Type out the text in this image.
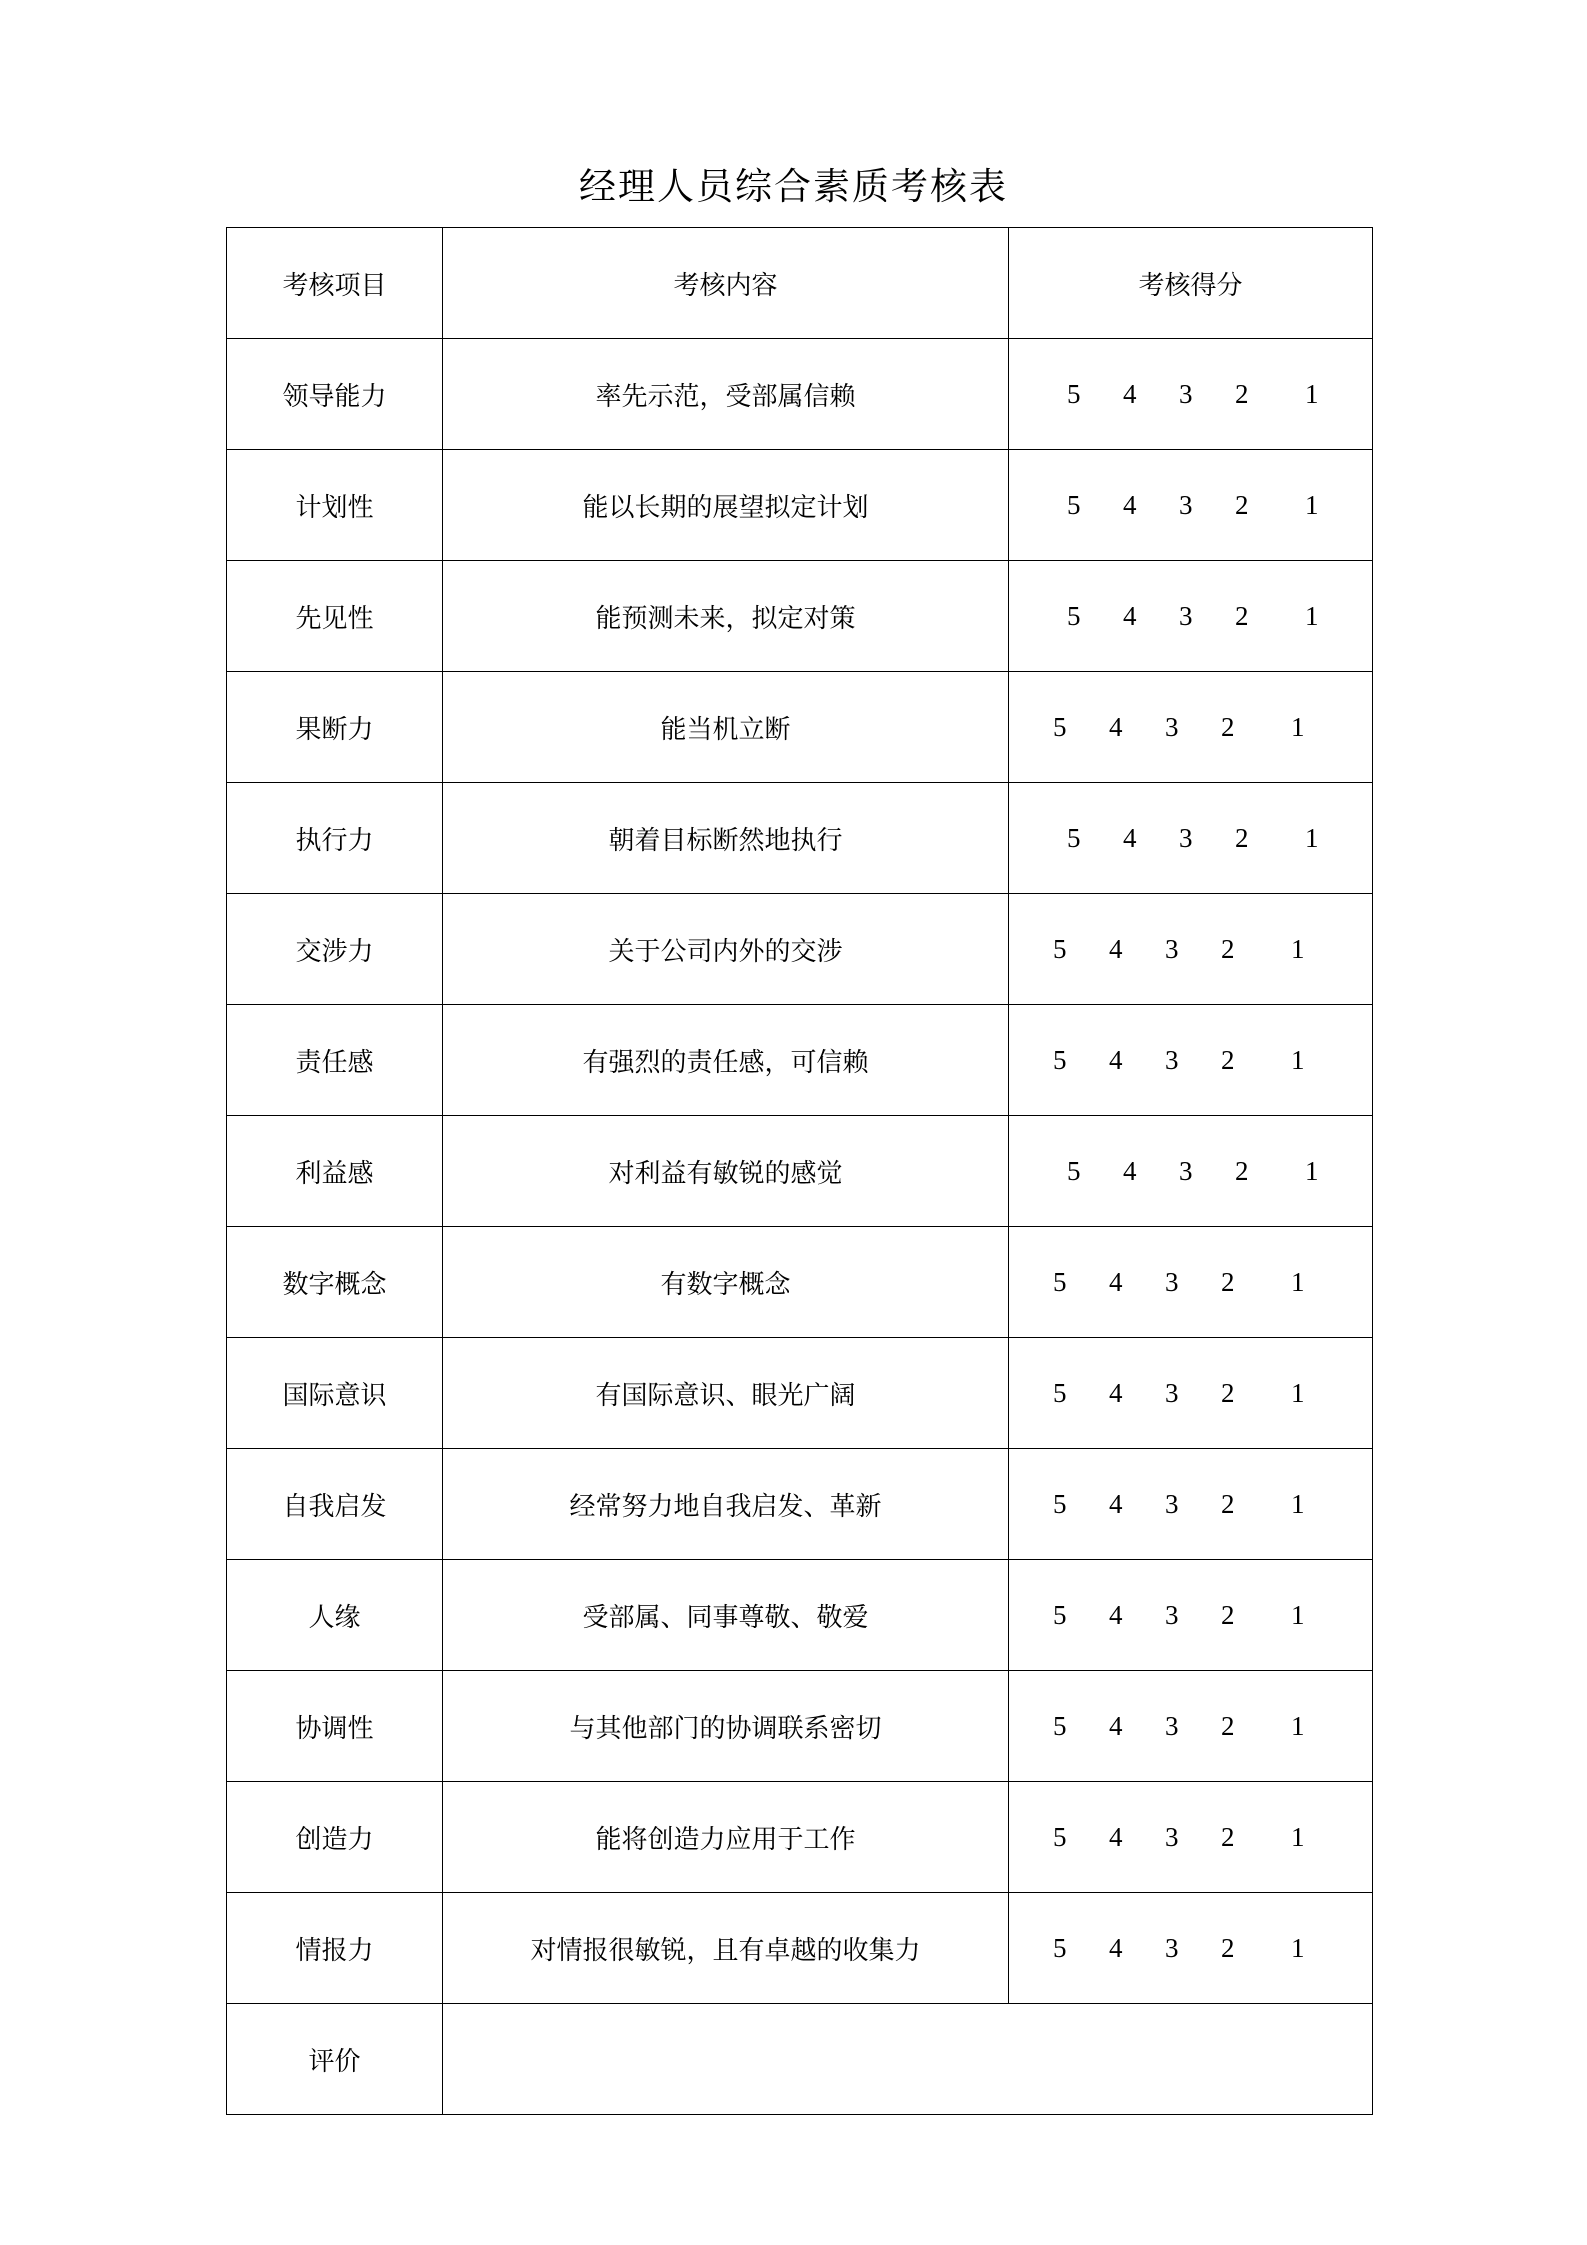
经理人员综合素质考核表
考核项目	考核内容	考核得分
领导能力	率先示范，受部属信赖	5 4 3 2 1

计划性	能以长期的展望拟定计划	5 4 3 2 1

先见性	能预测未来，拟定对策	5 4 3 2 1

果断力	能当机立断	5 4 3 2 1

执行力	朝着目标断然地执行	5 4 3 2 1

交涉力	关于公司内外的交涉	5 4 3 2 1

责任感	有强烈的责任感，可信赖	5 4 3 2 1

利益感	对利益有敏锐的感觉	5 4 3 2 1

数字概念	有数字概念	5 4 3 2 1

国际意识	有国际意识、眼光广阔	5 4 3 2 1

自我启发	经常努力地自我启发、革新	5 4 3 2 1

人缘	受部属、同事尊敬、敬爱	5 4 3 2 1

协调性	与其他部门的协调联系密切	5 4 3 2 1

创造力	能将创造力应用于工作	5 4 3 2 1

情报力	对情报很敏锐，且有卓越的收集力	5 4 3 2 1

评价		
